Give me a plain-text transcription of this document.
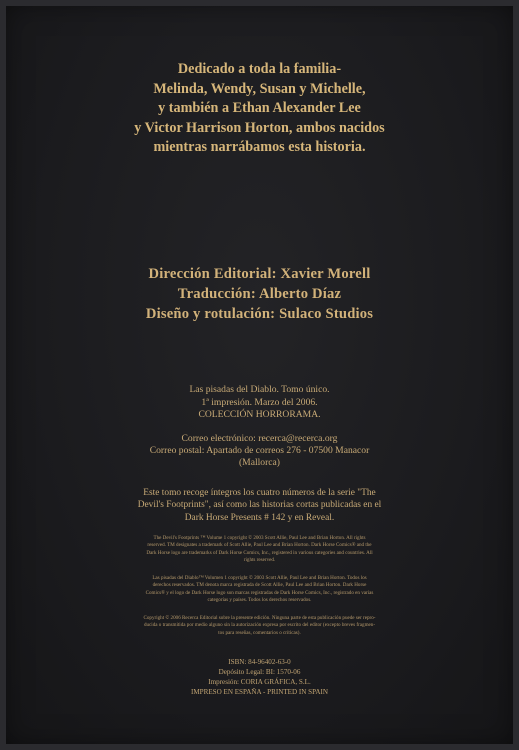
Dedicado a toda la familia-
Melinda, Wendy, Susan y Michelle,
y también a Ethan Alexander Lee
y Victor Harrison Horton, ambos nacidos
mientras narrábamos esta historia.
Dirección Editorial: Xavier Morell
Traducción: Alberto Díaz
Diseño y rotulación: Sulaco Studios
Las pisadas del Diablo. Tomo único.
1ª impresión. Marzo del 2006.
COLECCIÓN HORRORAMA.
Correo electrónico: recerca@recerca.org
Correo postal: Apartado de correos 276 - 07500 Manacor
(Mallorca)
Este tomo recoge íntegros los cuatro números de la serie "The
Devil's Footprints", así como las historias cortas publicadas en el
Dark Horse Presents # 142 y en Reveal.
The Devil's Footprints ™ Volume 1 copyright © 2003 Scott Allie, Paul Lee and Brian Horton. All rights
reserved. TM designates a trademark of Scott Allie, Paul Lee and Brian Horton. Dark Horse Comics® and the
Dark Horse logo are trademarks of Dark Horse Comics, Inc., registered in various categories and countries. All
rights reserved.
Las pisadas del Diablo™ Volumen 1 copyright © 2003 Scott Allie, Paul Lee and Brian Horton. Todos los
derechos reservados. TM denota marca registrada de Scott Allie, Paul Lee and Brian Horton. Dark Horse
Comics® y el logo de Dark Horse logo son marcas registradas de Dark Horse Comics, Inc., registrado en varias
categorías y países. Todos los derechos reservados.
Copyright © 2006 Recerca Editorial sobre la presente edición. Ninguna parte de esta publicación puede ser repro-
ducida o transmitida por medio alguno sin la autorización expresa por escrito del editor (excepto breves fragmen-
tos para reseñas, comentarios o críticas).
ISBN: 84-96402-63-0
Depósito Legal: BI: 1570-06
Impresión: CORIA GRÁFICA, S.L.
IMPRESO EN ESPAÑA - PRINTED IN SPAIN
